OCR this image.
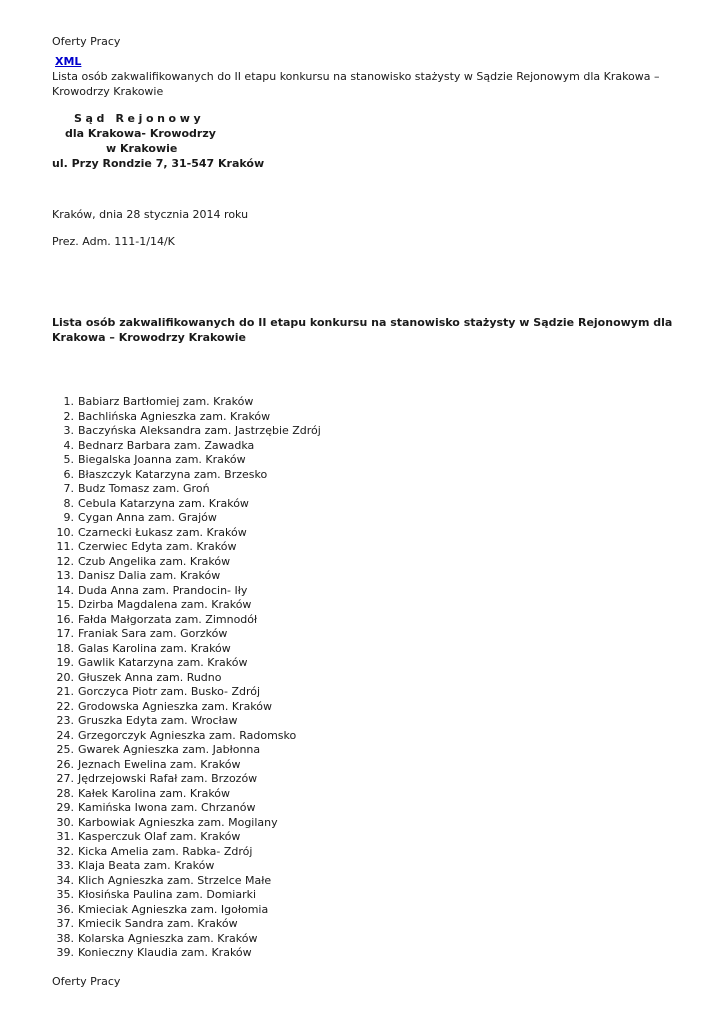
Oferty Pracy

XML

Lista osób zakwalifikowanych do II etapu konkursu na stanowisko stażysty w Sądzie Rejonowym dla Krakowa – Krowodrzy Krakowie

Sąd Rejonowy
dla Krakowa- Krowodrzy
w Krakowie
ul. Przy Rondzie 7, 31-547 Kraków

Kraków, dnia 28 stycznia 2014 roku

Prez. Adm. 111-1/14/K

Lista osób zakwalifikowanych do II etapu konkursu na stanowisko stażysty w Sądzie Rejonowym dla Krakowa – Krowodrzy Krakowie

1. Babiarz Bartłomiej zam. Kraków
2. Bachlińska Agnieszka zam. Kraków
3. Baczyńska Aleksandra zam. Jastrzębie Zdrój
4. Bednarz Barbara zam. Zawadka
5. Biegalska Joanna zam. Kraków
6. Błaszczyk Katarzyna zam. Brzesko
7. Budz Tomasz zam. Groń
8. Cebula Katarzyna zam. Kraków
9. Cygan Anna zam. Grajów
10. Czarnecki Łukasz zam. Kraków
11. Czerwiec Edyta zam. Kraków
12. Czub Angelika zam. Kraków
13. Danisz Dalia zam. Kraków
14. Duda Anna zam. Prandocin- Iły
15. Dzirba Magdalena zam. Kraków
16. Fałda Małgorzata zam. Zimnodół
17. Franiak Sara zam. Gorzków
18. Galas Karolina zam. Kraków
19. Gawlik Katarzyna zam. Kraków
20. Głuszek Anna zam. Rudno
21. Gorczyca Piotr zam. Busko- Zdrój
22. Grodowska Agnieszka zam. Kraków
23. Gruszka Edyta zam. Wrocław
24. Grzegorczyk Agnieszka zam. Radomsko
25. Gwarek Agnieszka zam. Jabłonna
26. Jeznach Ewelina zam. Kraków
27. Jędrzejowski Rafał zam. Brzozów
28. Kałek Karolina zam. Kraków
29. Kamińska Iwona zam. Chrzanów
30. Karbowiak Agnieszka zam. Mogilany
31. Kasperczuk Olaf zam. Kraków
32. Kicka Amelia zam. Rabka- Zdrój
33. Klaja Beata zam. Kraków
34. Klich Agnieszka zam. Strzelce Małe
35. Kłosińska Paulina zam. Domiarki
36. Kmieciak Agnieszka zam. Igołomia
37. Kmiecik Sandra zam. Kraków
38. Kolarska Agnieszka zam. Kraków
39. Konieczny Klaudia zam. Kraków

Oferty Pracy
